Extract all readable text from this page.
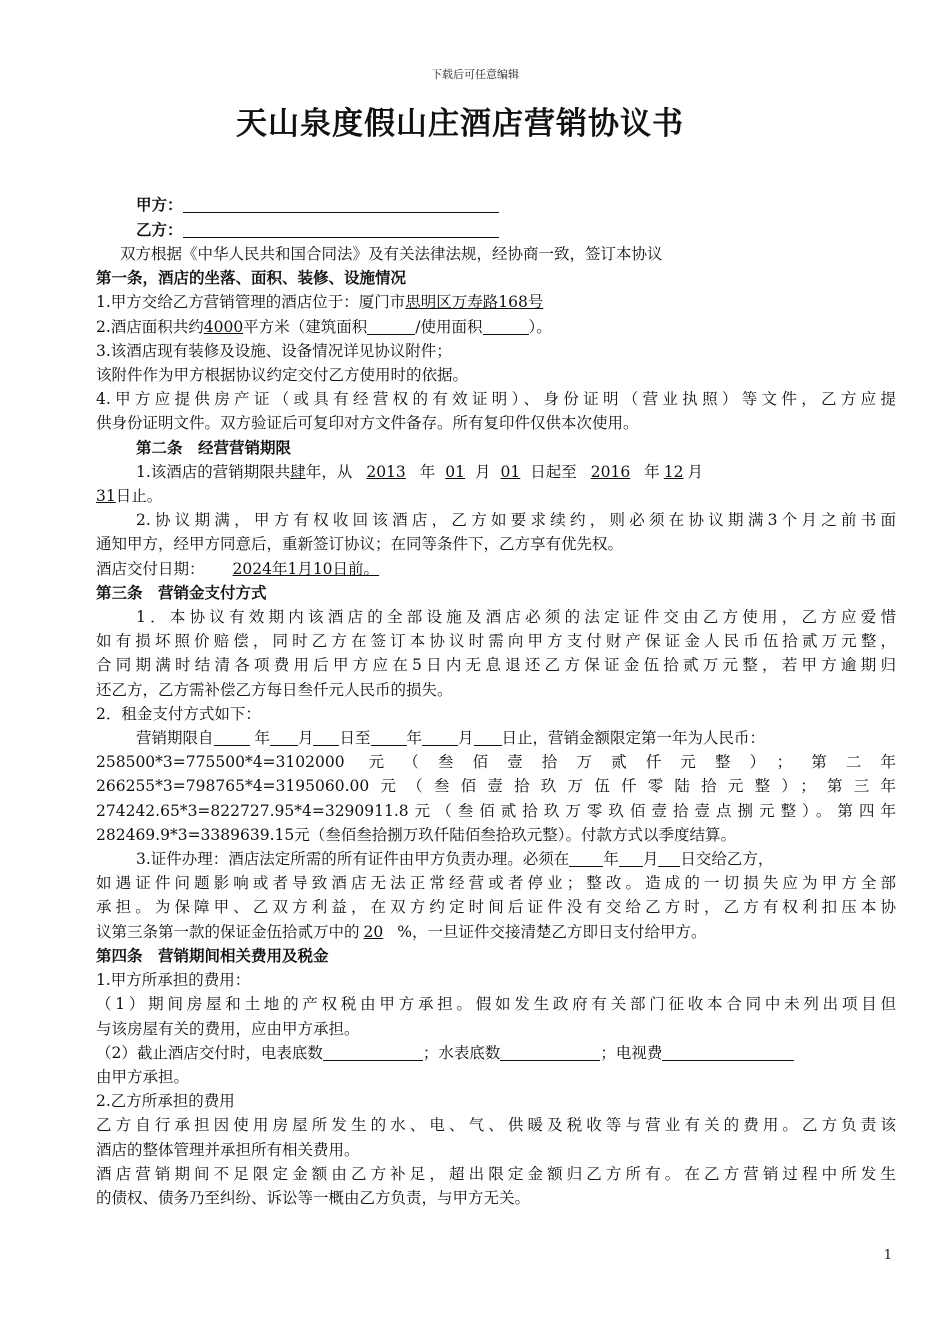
下载后可任意编辑
天山泉度假山庄酒店营销协议书
甲方：
乙方：
双方根据《中华人民共和国合同法》及有关法律法规，经协商一致，签订本协议
第一条，酒店的坐落、面积、装修、设施情况
1.甲方交给乙方营销管理的酒店位于：厦门市思明区万寿路168号
2.酒店面积共约4000平方米（建筑面积	/使用面积	）。
3.该酒店现有装修及设施、设备情况详见协议附件；
该附件作为甲方根据协议约定交付乙方使用时的依据。
4.甲方应提供房产证（或具有经营权的有效证明）、身份证明（营业执照）等文件，乙方应提
供身份证明文件。双方验证后可复印对方文件备存。所有复印件仅供本次使用。
第二条　经营营销期限
1.该酒店的营销期限共肆年，从 2013 年 01 月 01 日起至 2016 年 12 月
31日止。
2.协议期满，甲方有权收回该酒店，乙方如要求续约，则必须在协议期满3个月之前书面
通知甲方，经甲方同意后，重新签订协议；在同等条件下，乙方享有优先权。
酒店交付日期： 2024年1月10日前。
第三条　营销金支付方式
1．本协议有效期内该酒店的全部设施及酒店必须的法定证件交由乙方使用，乙方应爱惜
如有损坏照价赔偿，同时乙方在签订本协议时需向甲方支付财产保证金人民币伍拾贰万元整，
合同期满时结清各项费用后甲方应在5日内无息退还乙方保证金伍拾贰万元整，若甲方逾期归
还乙方，乙方需补偿乙方每日叁仟元人民币的损失。
2．租金支付方式如下：
营销期限自	年 月 日至 年 月 日止，营销金额限定第一年为人民币：
258500*3=775500*4=3102000 元（叁佰壹拾万贰仟元整）；第二年
266255*3=798765*4=3195060.00元（叁佰壹拾玖万伍仟零陆拾元整）；第三年
274242.65*3=822727.95*4=3290911.8元（叁佰贰拾玖万零玖佰壹拾壹点捌元整）。第四年
282469.9*3=3389639.15元（叁佰叁拾捌万玖仟陆佰叁拾玖元整）。付款方式以季度结算。
3.证件办理：酒店法定所需的所有证件由甲方负责办理。必须在 年 月 日交给乙方，
如遇证件问题影响或者导致酒店无法正常经营或者停业；整改。造成的一切损失应为甲方全部
承担。为保障甲、乙双方利益，在双方约定时间后证件没有交给乙方时，乙方有权利扣压本协
议第三条第一款的保证金伍拾贰万中的 20 %，一旦证件交接清楚乙方即日支付给甲方。
第四条　营销期间相关费用及税金
1.甲方所承担的费用：
（1）期间房屋和土地的产权税由甲方承担。假如发生政府有关部门征收本合同中未列出项目但
与该房屋有关的费用，应由甲方承担。
（2）截止酒店交付时，电表底数	；水表底数	；电视费
由甲方承担。
2.乙方所承担的费用
乙方自行承担因使用房屋所发生的水、电、气、供暖及税收等与营业有关的费用。乙方负责该
酒店的整体管理并承担所有相关费用。
酒店营销期间不足限定金额由乙方补足，超出限定金额归乙方所有。在乙方营销过程中所发生
的债权、债务乃至纠纷、诉讼等一概由乙方负责，与甲方无关。
1
